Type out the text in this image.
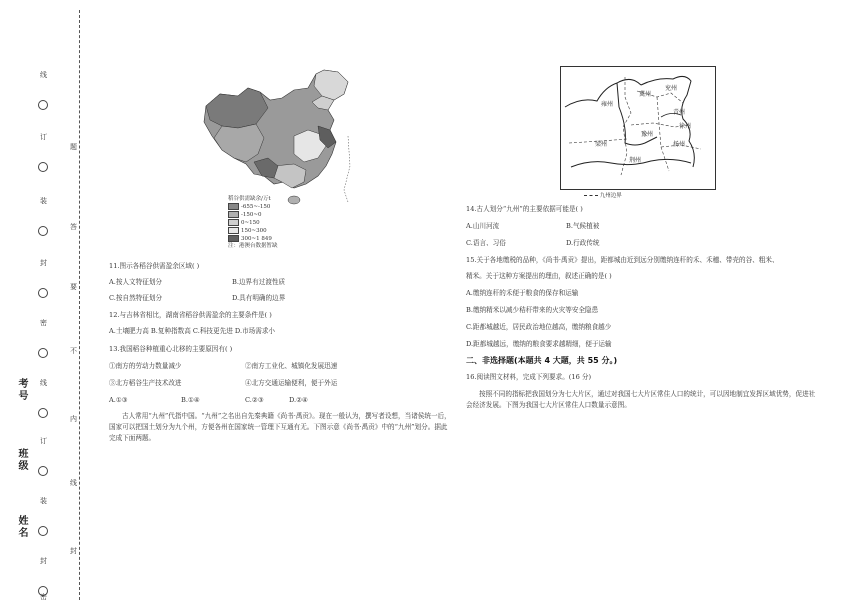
线
订
装
封
密
线
订
装
封
密
题
答
要
不
内
线
封
考号
班级
姓名
稻谷供需缺余/万t
-655~-150
-150~0
0~150
150~300
300~1 849
注：港澳台数据暂缺
11.图示各稻谷供需盈余区域( )
A.按人文特征划分	B.边界有过渡性质
C.按自然特征划分	D.具有明确的边界
12.与吉林省相比，湖南省稻谷供需盈余的主要条件是( )
A.土壤肥力高 B.复种指数高 C.科技更先进 D.市场需求小
13.我国稻谷种植重心北移的主要原因有( )
①南方的劳动力数量减少	②南方工业化、城镇化发展迅速
③北方稻谷生产技术改进	④北方交通运输便利，便于外运
A.①③	B.①④	C.②③	D.②④
古人常用“九州”代指中国。“九州”之名出自先秦典籍《尚书·禹贡》。现在一般认为，撰写者设想，当诸侯统一后，国家可以把国土划分为九个州，方便各州在国家统一管理下互通有无。下图示意《尚书·禹贡》中的“九州”划分。据此完成下面两题。
雍州
冀州
兖州
青州
徐州
豫州
梁州
荆州
扬州
九州边界
14.古人划分“九州”的主要依据可能是( )
A.山川河流	B.气候植被
C.语言、习俗	D.行政传统
15.关于各地缴税的品种，《尚书·禹贡》提出，距都城由近到远分别缴纳连秆的禾、禾穗、带壳的谷、粗米、
精米。关于这种方案提出的理由，叙述正确的是( )
A.缴纳连秆的禾便于粮食的保存和运输
B.缴纳精米以减少秸秆带来的火灾等安全隐患
C.距都城越近，居民政治地位越高，缴纳粮食越少
D.距都城越远，缴纳的粮食要求越精细，便于运输
二、非选择题(本题共 4 大题，共 55 分。)
16.阅读图文材料，完成下列要求。(16 分)
按照不同的指标把我国划分为七大片区，通过对我国七大片区常住人口的统计，可以因地制宜发挥区域优势，促进社会经济发展。下图为我国七大片区常住人口数量示意图。
